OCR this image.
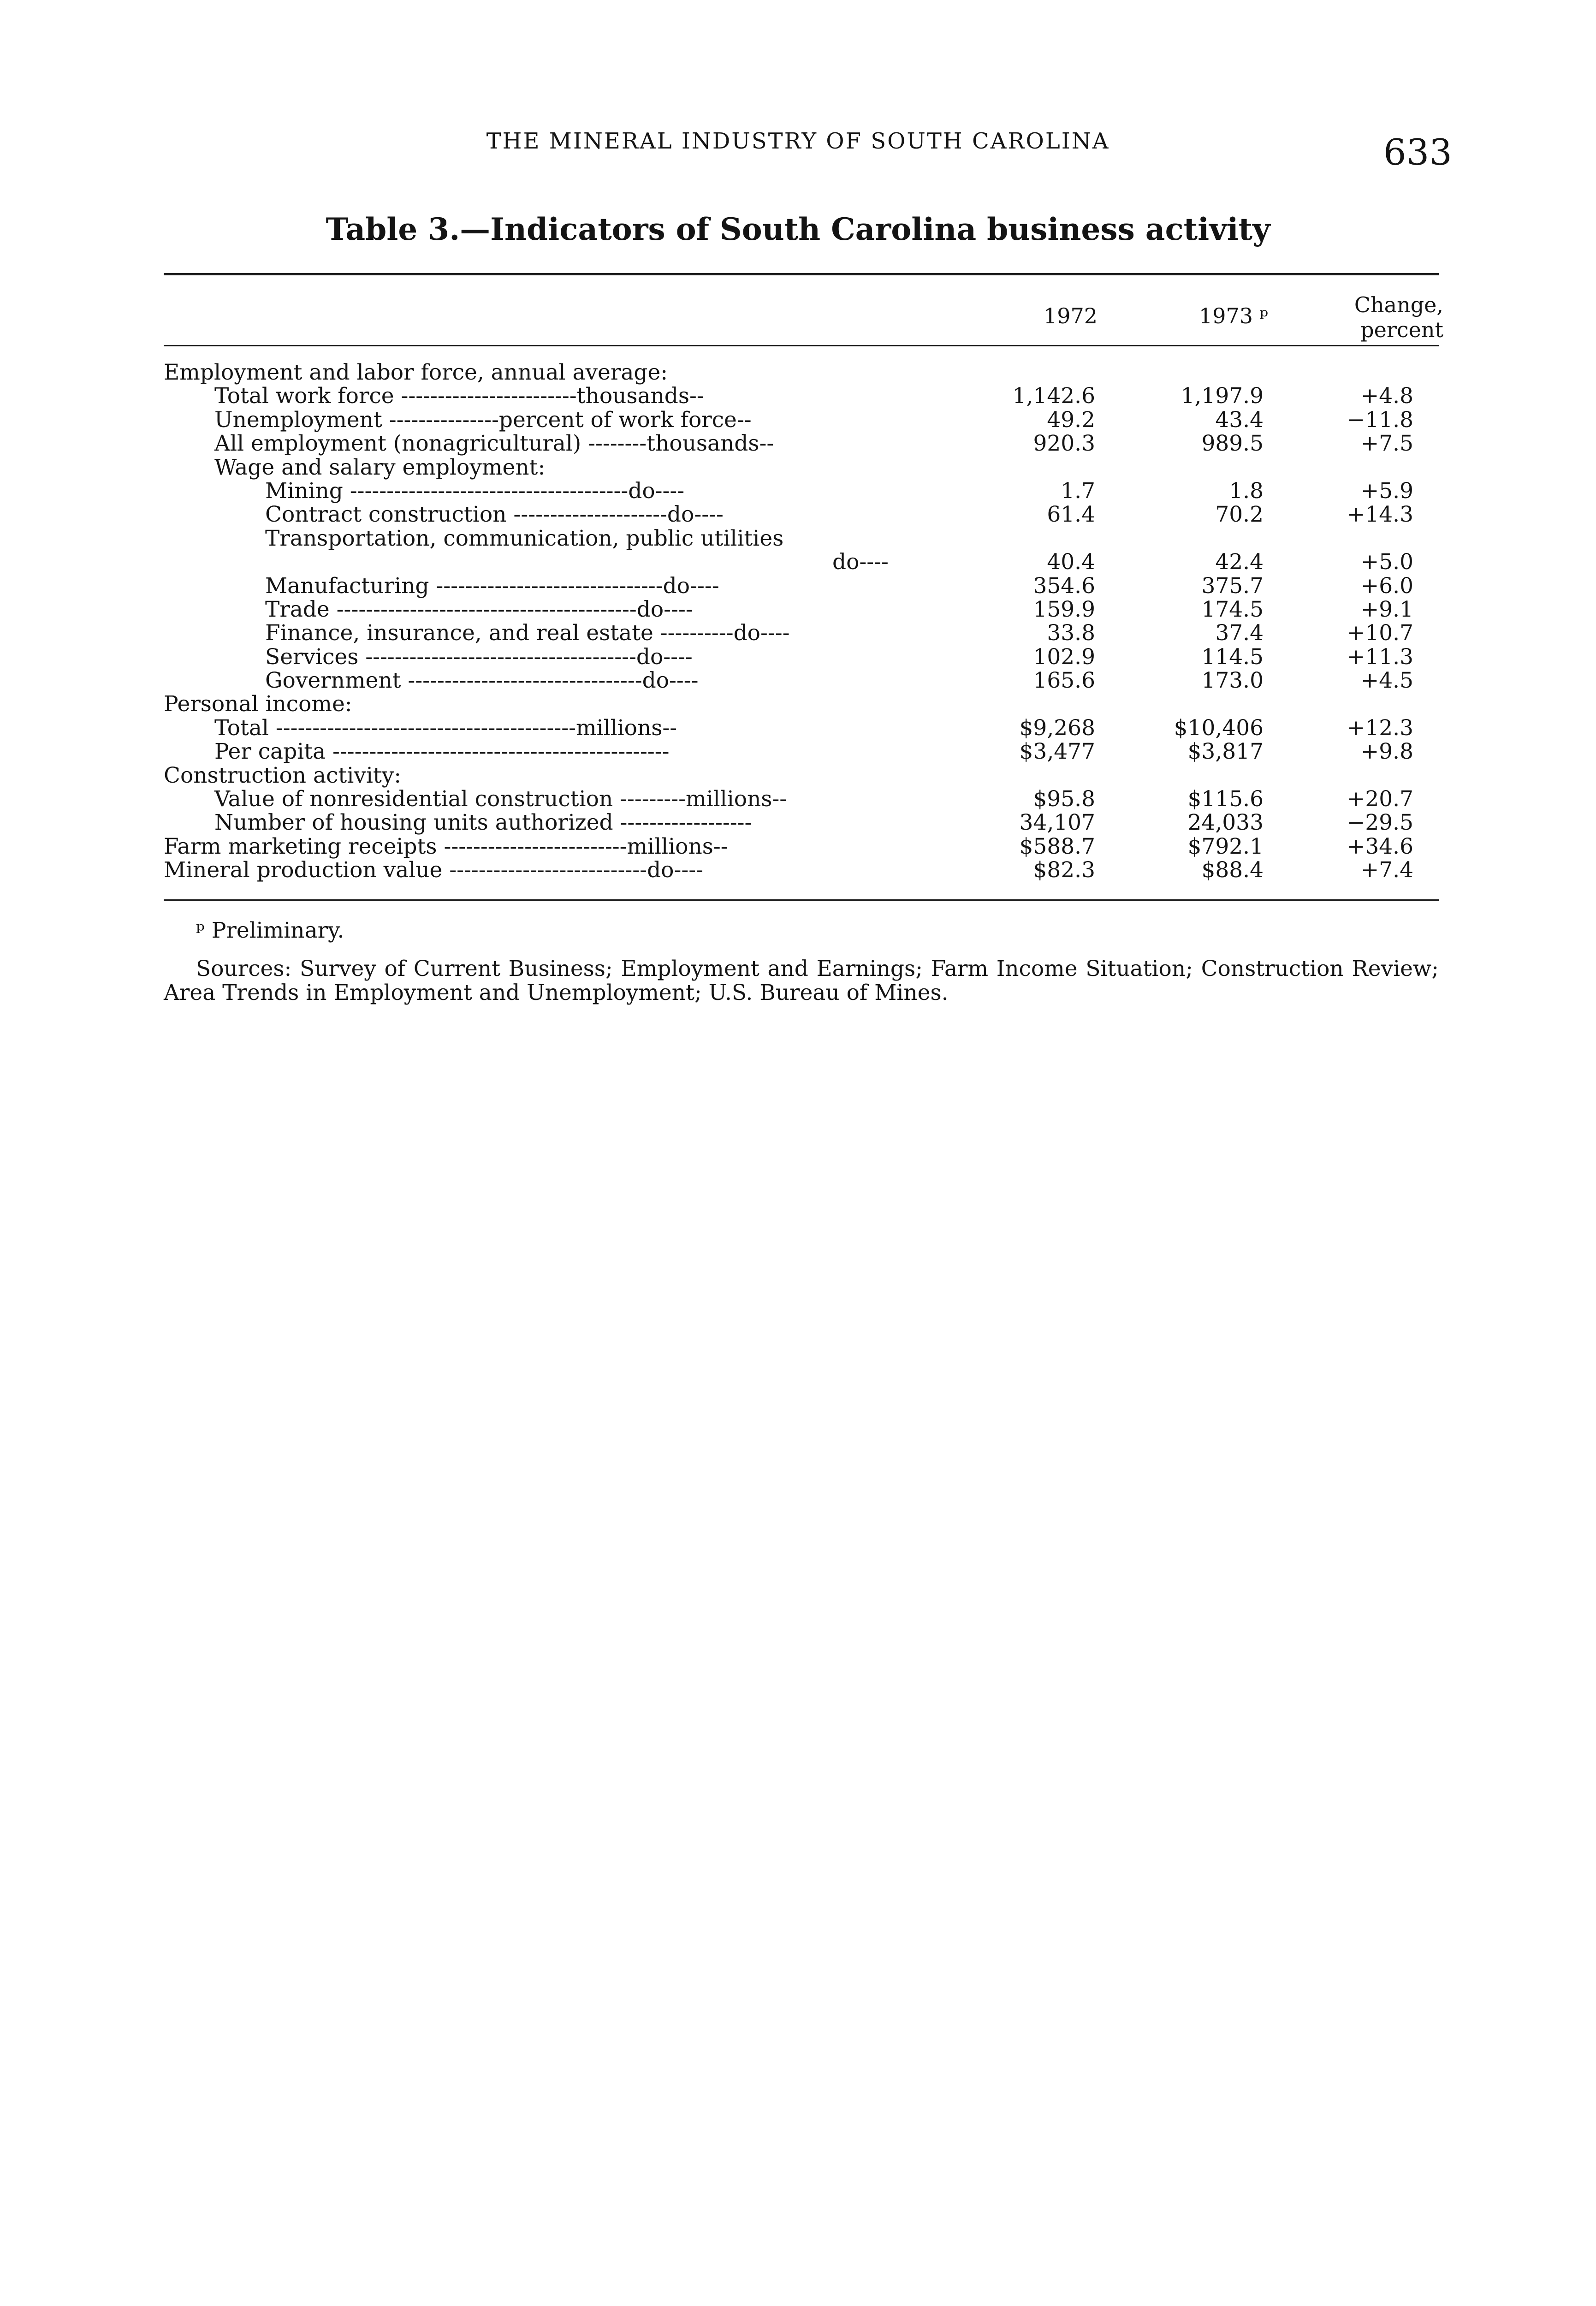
THE MINERAL INDUSTRY OF SOUTH CAROLINA	633
Table 3.—Indicators of South Carolina business activity
1972	1973 ᵖ	Change,
percent
Employment and labor force, annual average:
Total work force ------------------------thousands--	1,142.6	1,197.9	+4.8
Unemployment ---------------percent of work force--	49.2	43.4	−11.8
All employment (nonagricultural) --------thousands--	920.3	989.5	+7.5
Wage and salary employment:
Mining --------------------------------------do----	1.7	1.8	+5.9
Contract construction ---------------------do----	61.4	70.2	+14.3
Transportation, communication, public utilities
do----	40.4	42.4	+5.0
Manufacturing -------------------------------do----	354.6	375.7	+6.0
Trade -----------------------------------------do----	159.9	174.5	+9.1
Finance, insurance, and real estate ----------do----	33.8	37.4	+10.7
Services -------------------------------------do----	102.9	114.5	+11.3
Government --------------------------------do----	165.6	173.0	+4.5
Personal income:
Total -----------------------------------------millions--	$9,268	$10,406	+12.3
Per capita ----------------------------------------------	$3,477	$3,817	+9.8
Construction activity:
Value of nonresidential construction ---------millions--	$95.8	$115.6	+20.7
Number of housing units authorized ------------------	34,107	24,033	−29.5
Farm marketing receipts -------------------------millions--	$588.7	$792.1	+34.6
Mineral production value ---------------------------do----	$82.3	$88.4	+7.4
ᵖ Preliminary.

Sources: Survey of Current Business; Employment and Earnings; Farm Income Situation; Construction Review; Area Trends in Employment and Unemployment; U.S. Bureau of Mines.
